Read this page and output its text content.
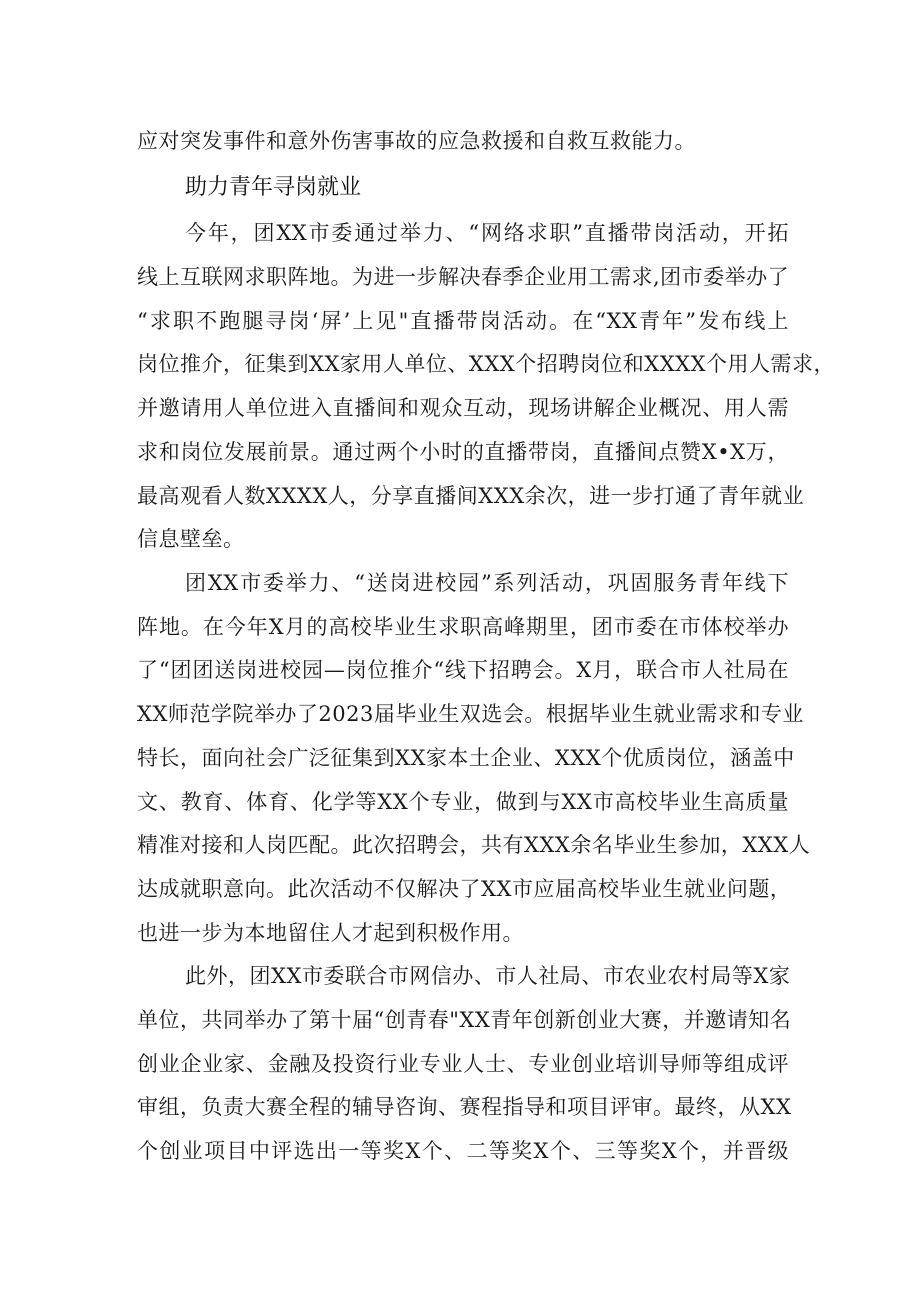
应对突发事件和意外伤害事故的应急救援和自救互救能力。
助力青年寻岗就业
今年，团XX市委通过举力、“网络求职”直播带岗活动，开拓
线上互联网求职阵地。为进一步解决春季企业用工需求,团市委举办了
“求职不跑腿寻岗‘屏’上见"直播带岗活动。在“XX青年”发布线上
岗位推介，征集到XX家用人单位、XXX个招聘岗位和XXXX个用人需求，
并邀请用人单位进入直播间和观众互动，现场讲解企业概况、用人需
求和岗位发展前景。通过两个小时的直播带岗，直播间点赞X•X万，
最高观看人数XXXX人，分享直播间XXX余次，进一步打通了青年就业
信息壁垒。
团XX市委举力、“送岗进校园”系列活动，巩固服务青年线下
阵地。在今年X月的高校毕业生求职高峰期里，团市委在市体校举办
了“团团送岗进校园—岗位推介“线下招聘会。X月，联合市人社局在
XX师范学院举办了2023届毕业生双选会。根据毕业生就业需求和专业
特长，面向社会广泛征集到XX家本土企业、XXX个优质岗位，涵盖中
文、教育、体育、化学等XX个专业，做到与XX市高校毕业生高质量
精准对接和人岗匹配。此次招聘会，共有XXX余名毕业生参加，XXX人
达成就职意向。此次活动不仅解决了XX市应届高校毕业生就业问题，
也进一步为本地留住人才起到积极作用。
此外，团XX市委联合市网信办、市人社局、市农业农村局等X家
单位，共同举办了第十届“创青春"XX青年创新创业大赛，并邀请知名
创业企业家、金融及投资行业专业人士、专业创业培训导师等组成评
审组，负责大赛全程的辅导咨询、赛程指导和项目评审。最终，从XX
个创业项目中评选出一等奖X个、二等奖X个、三等奖X个，并晋级
